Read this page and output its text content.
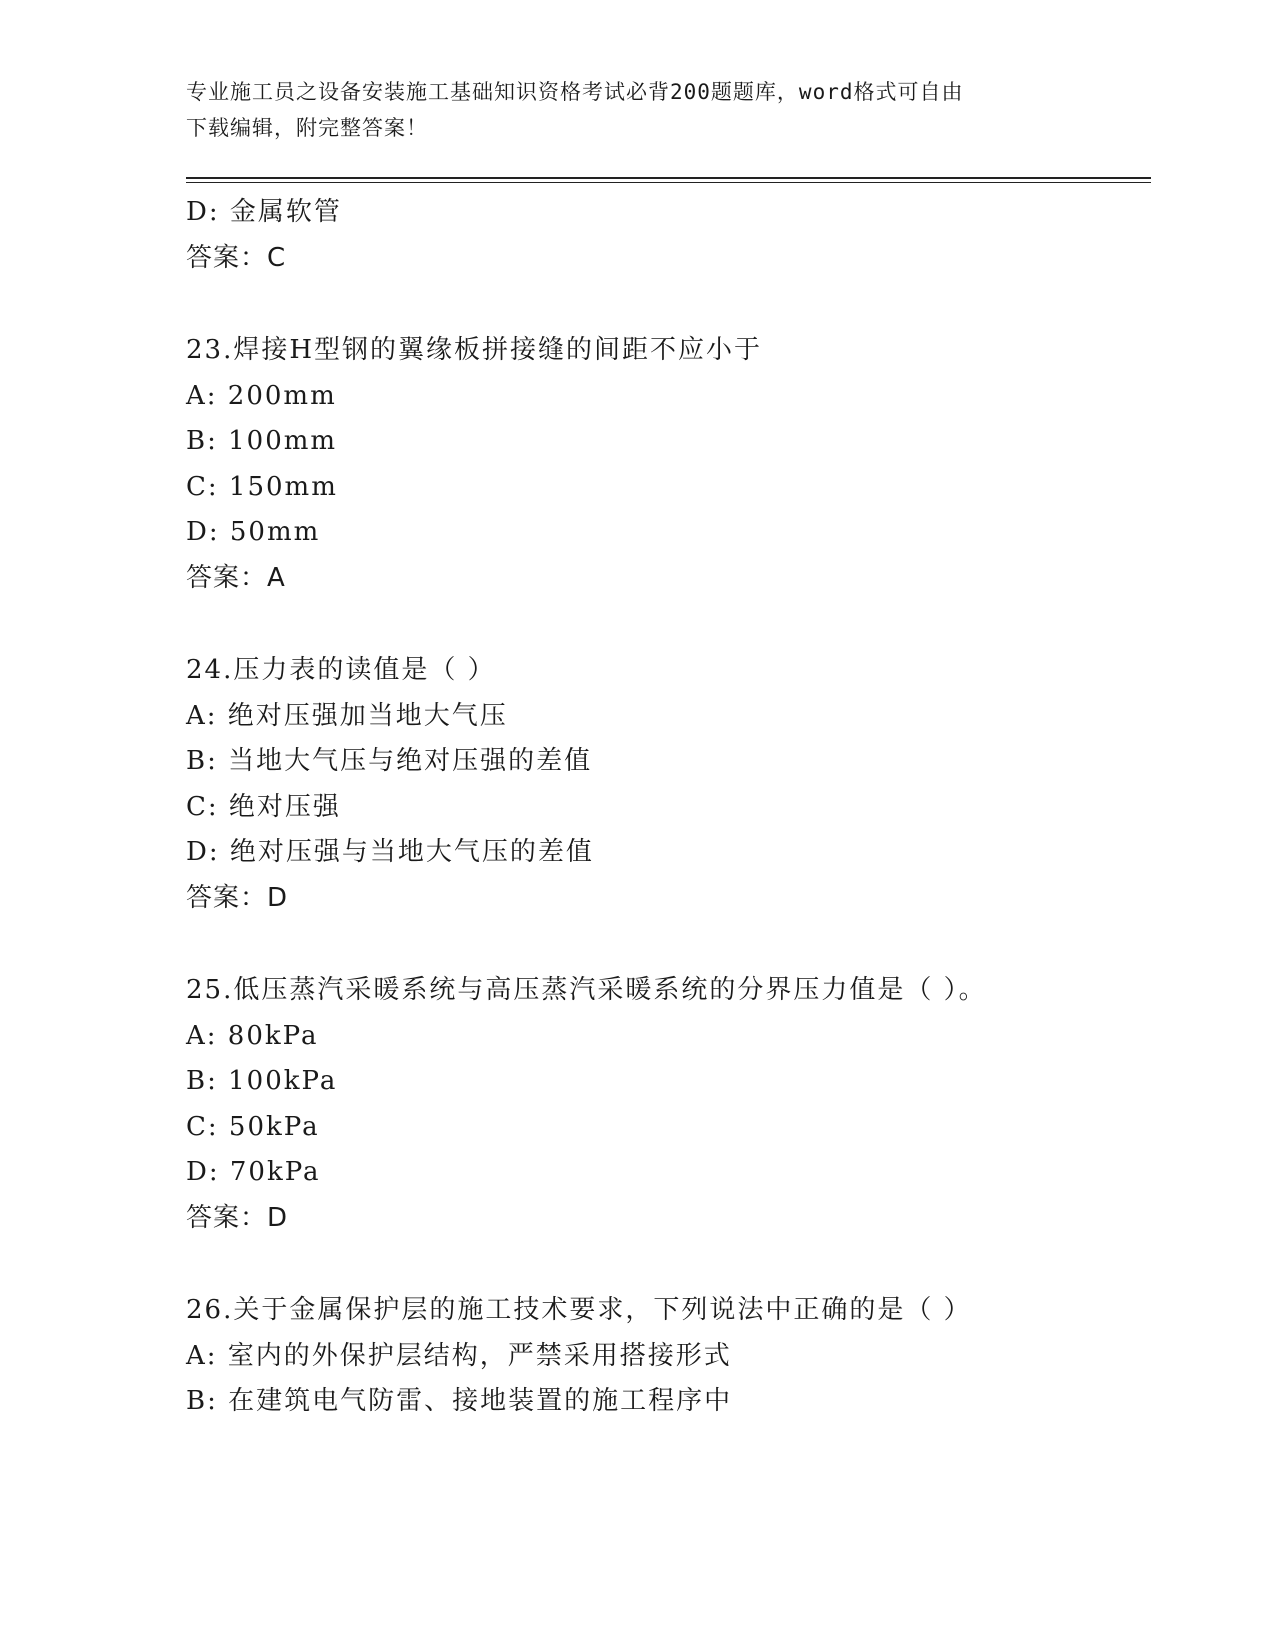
专业施工员之设备安装施工基础知识资格考试必背200题题库，word格式可自由
下载编辑，附完整答案！
D: 金属软管
答案：C
23.焊接H型钢的翼缘板拼接缝的间距不应小于
A: 200mm
B: 100mm
C: 150mm
D: 50mm
答案：A
24.压力表的读值是（ ）
A: 绝对压强加当地大气压
B: 当地大气压与绝对压强的差值
C: 绝对压强
D: 绝对压强与当地大气压的差值
答案：D
25.低压蒸汽采暖系统与高压蒸汽采暖系统的分界压力值是（ ）。
A: 80kPa
B: 100kPa
C: 50kPa
D: 70kPa
答案：D
26.关于金属保护层的施工技术要求，下列说法中正确的是（ ）
A: 室内的外保护层结构，严禁采用搭接形式
B: 在建筑电气防雷、接地装置的施工程序中
